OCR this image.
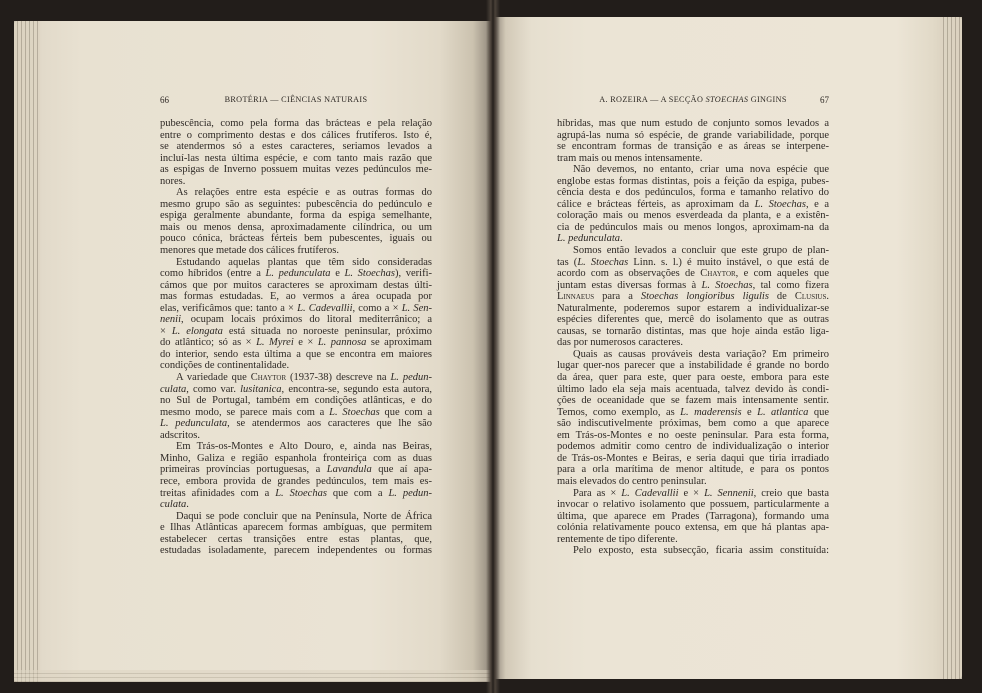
66	BROTÉRIA — CIÊNCIAS NATURAIS	A. ROZEIRA — A SECÇÃO STOECHAS GINGINS	67
pubescência, como pela forma das brácteas e pela relação
entre o comprimento destas e dos cálices frutíferos. Isto é,
se atendermos só a estes caracteres, seriamos levados a
incluí-las nesta última espécie, e com tanto mais razão que
as espigas de Inverno possuem muitas vezes pedúnculos me-
nores.
As relações entre esta espécie e as outras formas do
mesmo grupo são as seguintes: pubescência do pedúnculo e
espiga geralmente abundante, forma da espiga semelhante,
mais ou menos densa, aproximadamente cilíndrica, ou um
pouco cónica, brácteas férteis bem pubescentes, iguais ou
menores que metade dos cálices frutíferos.
Estudando aquelas plantas que têm sido consideradas
como híbridos (entre a L. pedunculata e L. Stoechas), verifi-
cámos que por muitos caracteres se aproximam destas últi-
mas formas estudadas. E, ao vermos a área ocupada por
elas, verificâmos que: tanto a × L. Cadevallii, como a × L. Sen-
nenii, ocupam locais próximos do litoral mediterrânico; a
× L. elongata está situada no noroeste peninsular, próximo
do atlântico; só as × L. Myrei e × L. pannosa se aproximam
do interior, sendo esta última a que se encontra em maiores
condições de continentalidade.
A variedade que Chaytor (1937-38) descreve na L. pedun-
culata, como var. lusitanica, encontra-se, segundo esta autora,
no Sul de Portugal, também em condições atlânticas, e do
mesmo modo, se parece mais com a L. Stoechas que com a
L. pedunculata, se atendermos aos caracteres que lhe são
adscritos.
Em Trás-os-Montes e Alto Douro, e, ainda nas Beiras,
Minho, Galiza e região espanhola fronteiriça com as duas
primeiras províncias portuguesas, a Lavandula que aí apa-
rece, embora provida de grandes pedúnculos, tem mais es-
treitas afinidades com a L. Stoechas que com a L. pedun-
culata.
Daqui se pode concluir que na Península, Norte de África
e Ilhas Atlânticas aparecem formas ambíguas, que permitem
estabelecer certas transições entre estas plantas, que,
estudadas isoladamente, parecem independentes ou formas
híbridas, mas que num estudo de conjunto somos levados a
agrupá-las numa só espécie, de grande variabilidade, porque
se encontram formas de transição e as áreas se interpene-
tram mais ou menos intensamente.
Não devemos, no entanto, criar uma nova espécie que
englobe estas formas distintas, pois a feição da espiga, pubes-
cência desta e dos pedúnculos, forma e tamanho relativo do
cálice e brácteas férteis, as aproximam da L. Stoechas, e a
coloração mais ou menos esverdeada da planta, e a existên-
cia de pedúnculos mais ou menos longos, aproximam-na da
L. pedunculata.
Somos então levados a concluir que este grupo de plan-
tas (L. Stoechas Linn. s. l.) é muito instável, o que está de
acordo com as observações de Chaytor, e com aqueles que
juntam estas diversas formas à L. Stoechas, tal como fizera
Linnaeus para a Stoechas longioribus ligulis de Clusius.
Naturalmente, poderemos supor estarem a individualizar-se
espécies diferentes que, mercê do isolamento que as outras
causas, se tornarão distintas, mas que hoje ainda estão liga-
das por numerosos caracteres.
Quais as causas prováveis desta variação? Em primeiro
lugar quer-nos parecer que a instabilidade é grande no bordo
da área, quer para este, quer para oeste, embora para este
último lado ela seja mais acentuada, talvez devido às condi-
ções de oceanidade que se fazem mais intensamente sentir.
Temos, como exemplo, as L. maderensis e L. atlantica que
são indiscutivelmente próximas, bem como a que aparece
em Trás-os-Montes e no oeste peninsular. Para esta forma,
podemos admitir como centro de individualização o interior
de Trás-os-Montes e Beiras, e seria daqui que tiria irradiado
para a orla marítima de menor altitude, e para os pontos
mais elevados do centro peninsular.
Para as × L. Cadevallii e × L. Sennenii, creio que basta
invocar o relativo isolamento que possuem, particularmente a
última, que aparece em Prades (Tarragona), formando uma
colónia relativamente pouco extensa, em que há plantas apa-
rentemente de tipo diferente.
Pelo exposto, esta subsecção, ficaria assim constituída:
